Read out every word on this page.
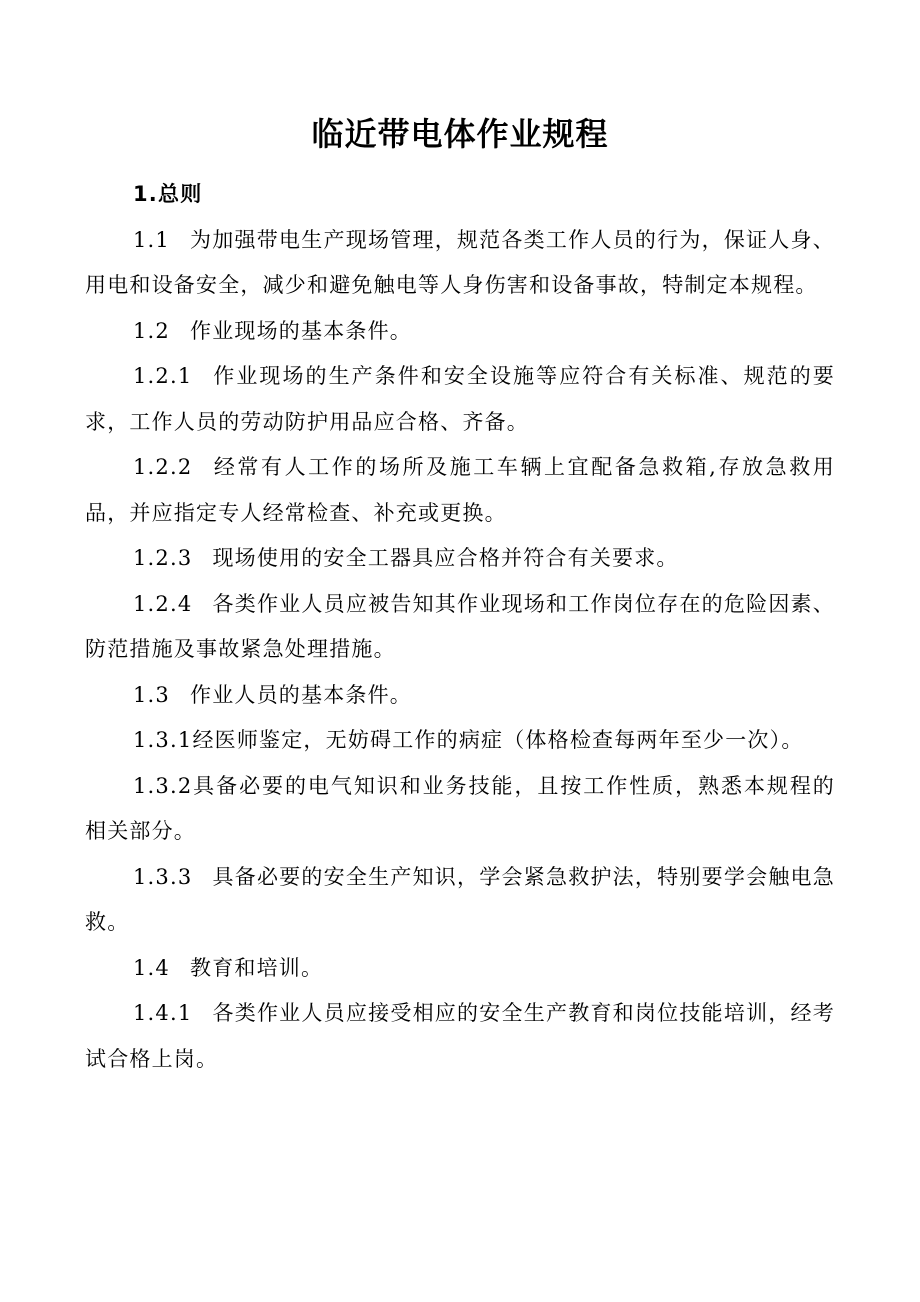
临近带电体作业规程

1.总则

1.1 为加强带电生产现场管理，规范各类工作人员的行为，保证人身、用电和设备安全，减少和避免触电等人身伤害和设备事故，特制定本规程。

1.2 作业现场的基本条件。

1.2.1 作业现场的生产条件和安全设施等应符合有关标准、规范的要求，工作人员的劳动防护用品应合格、齐备。

1.2.2 经常有人工作的场所及施工车辆上宜配备急救箱,存放急救用品，并应指定专人经常检查、补充或更换。

1.2.3 现场使用的安全工器具应合格并符合有关要求。

1.2.4 各类作业人员应被告知其作业现场和工作岗位存在的危险因素、防范措施及事故紧急处理措施。

1.3 作业人员的基本条件。

1.3.1经医师鉴定，无妨碍工作的病症（体格检查每两年至少一次）。

1.3.2具备必要的电气知识和业务技能，且按工作性质，熟悉本规程的相关部分。

1.3.3 具备必要的安全生产知识，学会紧急救护法，特别要学会触电急救。

1.4 教育和培训。

1.4.1 各类作业人员应接受相应的安全生产教育和岗位技能培训，经考试合格上岗。
